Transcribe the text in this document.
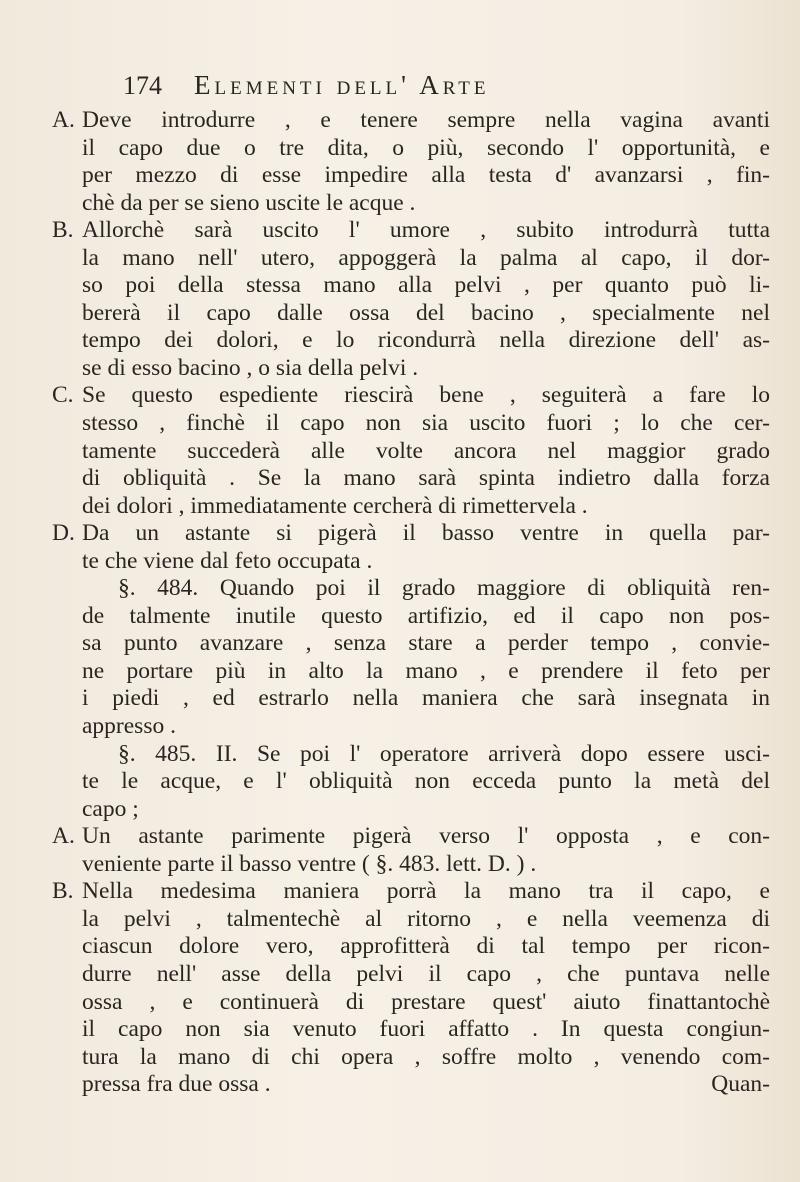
174 Elementi dell' Arte
A. Deve introdurre , e tenere sempre nella vagina avanti
il capo due o tre dita, o più, secondo l' opportunità, e
per mezzo di esse impedire alla testa d' avanzarsi , fin-
chè da per se sieno uscite le acque .
B. Allorchè sarà uscito l' umore , subito introdurrà tutta
la mano nell' utero, appoggerà la palma al capo, il dor-
so poi della stessa mano alla pelvi , per quanto può li-
bererà il capo dalle ossa del bacino , specialmente nel
tempo dei dolori, e lo ricondurrà nella direzione dell' as-
se di esso bacino , o sia della pelvi .
C. Se questo espediente riescirà bene , seguiterà a fare lo
stesso , finchè il capo non sia uscito fuori ; lo che cer-
tamente succederà alle volte ancora nel maggior grado
di obliquità . Se la mano sarà spinta indietro dalla forza
dei dolori , immediatamente cercherà di rimettervela .
D. Da un astante si pigerà il basso ventre in quella par-
te che viene dal feto occupata .
§. 484. Quando poi il grado maggiore di obliquità ren-
de talmente inutile questo artifizio, ed il capo non pos-
sa punto avanzare , senza stare a perder tempo , convie-
ne portare più in alto la mano , e prendere il feto per
i piedi , ed estrarlo nella maniera che sarà insegnata in
appresso .
§. 485. II. Se poi l' operatore arriverà dopo essere usci-
te le acque, e l' obliquità non ecceda punto la metà del
capo ;
A. Un astante parimente pigerà verso l' opposta , e con-
veniente parte il basso ventre ( §. 483. lett. D. ) .
B. Nella medesima maniera porrà la mano tra il capo, e
la pelvi , talmentechè al ritorno , e nella veemenza di
ciascun dolore vero, approfitterà di tal tempo per ricon-
durre nell' asse della pelvi il capo , che puntava nelle
ossa , e continuerà di prestare quest' aiuto finattantochè
il capo non sia venuto fuori affatto . In questa congiun-
tura la mano di chi opera , soffre molto , venendo com-
pressa fra due ossa .	Quan-
